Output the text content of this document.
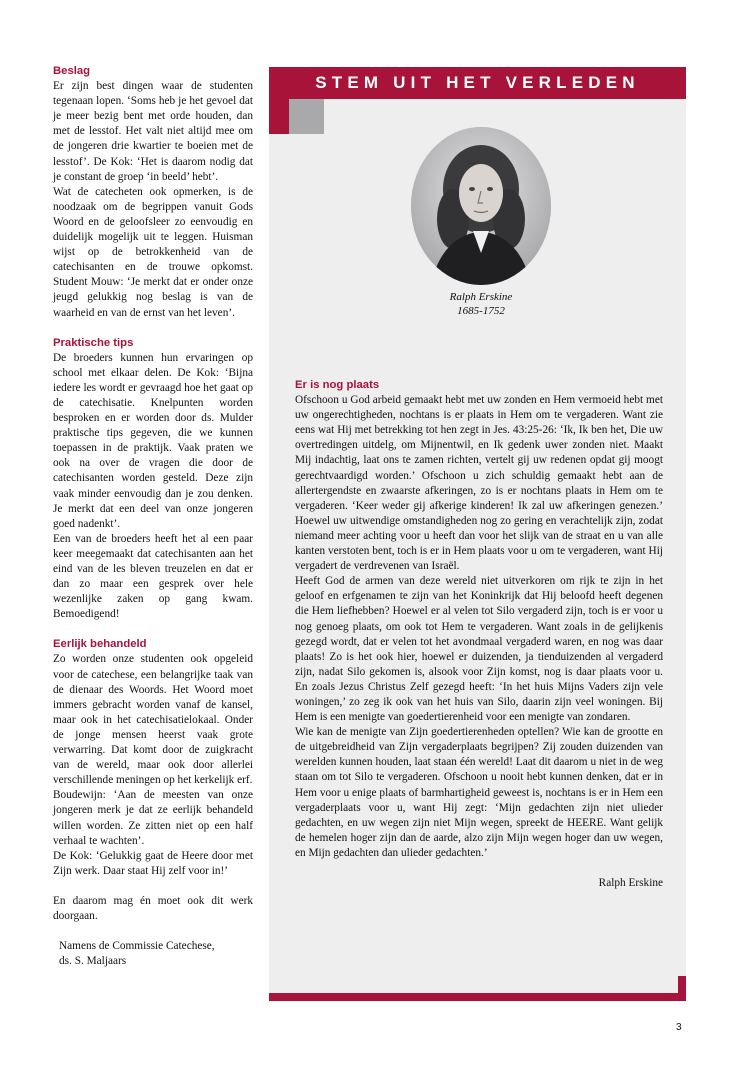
Beslag

Er zijn best dingen waar de studenten tegenaan lopen. ‘Soms heb je het gevoel dat je meer bezig bent met orde houden, dan met de lesstof. Het valt niet altijd mee om de jongeren drie kwartier te boeien met de lesstof’. De Kok: ‘Het is daarom nodig dat je constant de groep ‘in beeld’ hebt’.

Wat de catecheten ook opmerken, is de noodzaak om de begrippen vanuit Gods Woord en de geloofsleer zo eenvoudig en duidelijk mogelijk uit te leggen. Huisman wijst op de betrokkenheid van de catechisanten en de trouwe opkomst. Student Mouw: ‘Je merkt dat er onder onze jeugd gelukkig nog beslag is van de waarheid en van de ernst van het leven’.

Praktische tips

De broeders kunnen hun ervaringen op school met elkaar delen. De Kok: ‘Bijna iedere les wordt er gevraagd hoe het gaat op de catechisatie. Knelpunten worden besproken en er worden door ds. Mulder praktische tips gegeven, die we kunnen toepassen in de praktijk. Vaak praten we ook na over de vragen die door de catechisanten worden gesteld. Deze zijn vaak minder eenvoudig dan je zou denken. Je merkt dat een deel van onze jongeren goed nadenkt’.

Een van de broeders heeft het al een paar keer meegemaakt dat catechisanten aan het eind van de les bleven treuzelen en dat er dan zo maar een gesprek over hele wezenlijke zaken op gang kwam. Bemoedigend!

Eerlijk behandeld

Zo worden onze studenten ook opgeleid voor de catechese, een belangrijke taak van de dienaar des Woords. Het Woord moet immers gebracht worden vanaf de kansel, maar ook in het catechisatielokaal. Onder de jonge mensen heerst vaak grote verwarring. Dat komt door de zuigkracht van de wereld, maar ook door allerlei verschillende meningen op het kerkelijk erf.

Boudewijn: ‘Aan de meesten van onze jongeren merk je dat ze eerlijk behandeld willen worden. Ze zitten niet op een half verhaal te wachten’.

De Kok: ‘Gelukkig gaat de Heere door met Zijn werk. Daar staat Hij zelf voor in!’

En daarom mag én moet ook dit werk doorgaan.

Namens de Commissie Catechese,

ds. S. Maljaars

STEM UIT HET VERLEDEN
Ralph Erskine
1685-1752

Er is nog plaats

Ofschoon u God arbeid gemaakt hebt met uw zonden en Hem vermoeid hebt met uw ongerechtigheden, nochtans is er plaats in Hem om te vergaderen. Want zie eens wat Hij met betrekking tot hen zegt in Jes. 43:25-26: ‘Ik, Ik ben het, Die uw overtredingen uitdelg, om Mijnentwil, en Ik gedenk uwer zonden niet. Maakt Mij indachtig, laat ons te zamen richten, vertelt gij uw redenen opdat gij moogt gerechtvaardigd worden.’ Ofschoon u zich schuldig gemaakt hebt aan de allertergendste en zwaarste afkeringen, zo is er nochtans plaats in Hem om te vergaderen. ‘Keer weder gij afkerige kinderen! Ik zal uw afkeringen genezen.’ Hoewel uw uitwendige omstandigheden nog zo gering en verachtelijk zijn, zodat niemand meer achting voor u heeft dan voor het slijk van de straat en u van alle kanten verstoten bent, toch is er in Hem plaats voor u om te vergaderen, want Hij vergadert de verdrevenen van Israël.

Heeft God de armen van deze wereld niet uitverkoren om rijk te zijn in het geloof en erfgenamen te zijn van het Koninkrijk dat Hij beloofd heeft degenen die Hem liefhebben? Hoewel er al velen tot Silo vergaderd zijn, toch is er voor u nog genoeg plaats, om ook tot Hem te vergaderen. Want zoals in de gelijkenis gezegd wordt, dat er velen tot het avondmaal vergaderd waren, en nog was daar plaats! Zo is het ook hier, hoewel er duizenden, ja tienduizenden al vergaderd zijn, nadat Silo gekomen is, alsook voor Zijn komst, nog is daar plaats voor u. En zoals Jezus Christus Zelf gezegd heeft: ‘In het huis Mijns Vaders zijn vele woningen,’ zo zeg ik ook van het huis van Silo, daarin zijn veel woningen. Bij Hem is een menigte van goedertierenheid voor een menigte van zondaren.

Wie kan de menigte van Zijn goedertierenheden optellen? Wie kan de grootte en de uitgebreidheid van Zijn vergaderplaats begrijpen? Zij zouden duizenden van werelden kunnen houden, laat staan één wereld! Laat dit daarom u niet in de weg staan om tot Silo te vergaderen. Ofschoon u nooit hebt kunnen denken, dat er in Hem voor u enige plaats of barmhartigheid geweest is, nochtans is er in Hem een vergaderplaats voor u, want Hij zegt: ‘Mijn gedachten zijn niet ulieder gedachten, en uw wegen zijn niet Mijn wegen, spreekt de HEERE. Want gelijk de hemelen hoger zijn dan de aarde, alzo zijn Mijn wegen hoger dan uw wegen, en Mijn gedachten dan ulieder gedachten.’

Ralph Erskine

3
